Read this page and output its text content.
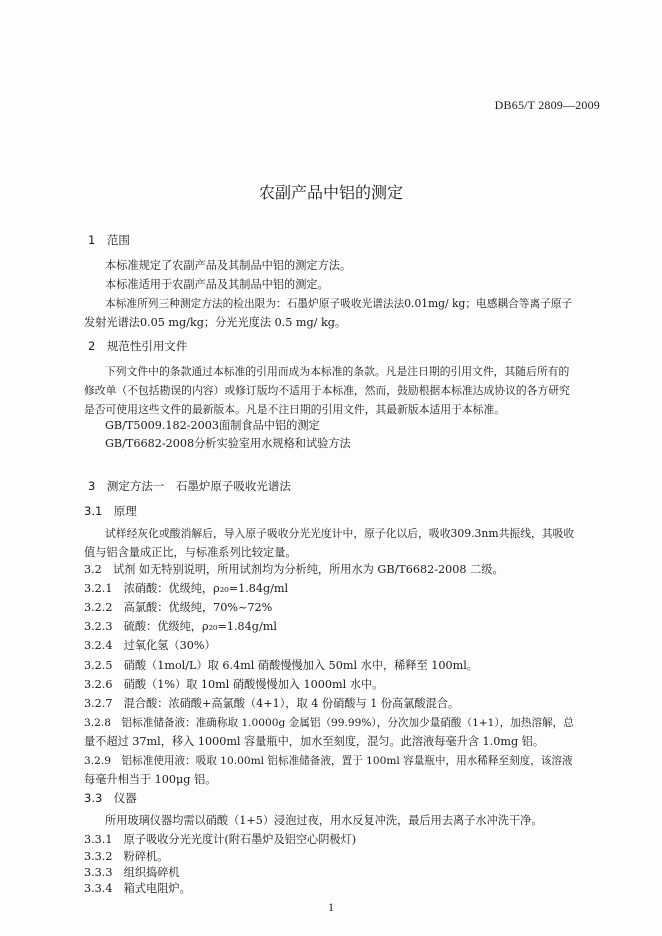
DB65/T 2809—2009
农副产品中铝的测定
1　范围
本标准规定了农副产品及其制品中铝的测定方法。
本标准适用于农副产品及其制品中铝的测定。
本标准所列三种测定方法的检出限为：石墨炉原子吸收光谱法法0.01mg/ kg；电感耦合等离子原子
发射光谱法0.05 mg/kg；分光光度法 0.5 mg/ kg。
2　规范性引用文件
下列文件中的条款通过本标准的引用而成为本标准的条款。凡是注日期的引用文件，其随后所有的
修改单（不包括勘误的内容）或修订版均不适用于本标准，然而，鼓励根据本标准达成协议的各方研究
是否可使用这些文件的最新版本。凡是不注日期的引用文件，其最新版本适用于本标准。
GB/T5009.182-2003面制食品中铝的测定
GB/T6682-2008分析实验室用水规格和试验方法
3　测定方法一　石墨炉原子吸收光谱法
3.1　原理
试样经灰化或酸消解后，导入原子吸收分光光度计中，原子化以后，吸收309.3nm共振线，其吸收
值与铝含量成正比，与标准系列比较定量。
3.2　试剂 如无特别说明，所用试剂均为分析纯，所用水为 GB/T6682-2008 二级。
3.2.1　浓硝酸：优级纯，ρ₂₀=1.84g/ml
3.2.2　高氯酸：优级纯，70%~72%
3.2.3　硫酸：优级纯，ρ₂₀=1.84g/ml
3.2.4　过氧化氢（30%）
3.2.5　硝酸（1mol/L）取 6.4ml 硝酸慢慢加入 50ml 水中，稀释至 100ml。
3.2.6　硝酸（1%）取 10ml 硝酸慢慢加入 1000ml 水中。
3.2.7　混合酸：浓硝酸+高氯酸（4+1），取 4 份硝酸与 1 份高氯酸混合。
3.2.8　铝标准储备液：准确称取 1.0000g 金属铝（99.99%），分次加少量硝酸（1+1），加热溶解，总
量不超过 37ml，移入 1000ml 容量瓶中，加水至刻度，混匀。此溶液每毫升含 1.0mg 铝。
3.2.9　铝标准使用液：吸取 10.00ml 铝标准储备液，置于 100ml 容量瓶中，用水稀释至刻度，该溶液
每毫升相当于 100μg 铝。
3.3　仪器
所用玻璃仪器均需以硝酸（1+5）浸泡过夜，用水反复冲洗，最后用去离子水冲洗干净。
3.3.1　原子吸收分光光度计(附石墨炉及铝空心阴极灯)
3.3.2　粉碎机。
3.3.3　组织捣碎机
3.3.4　箱式电阻炉。
1
